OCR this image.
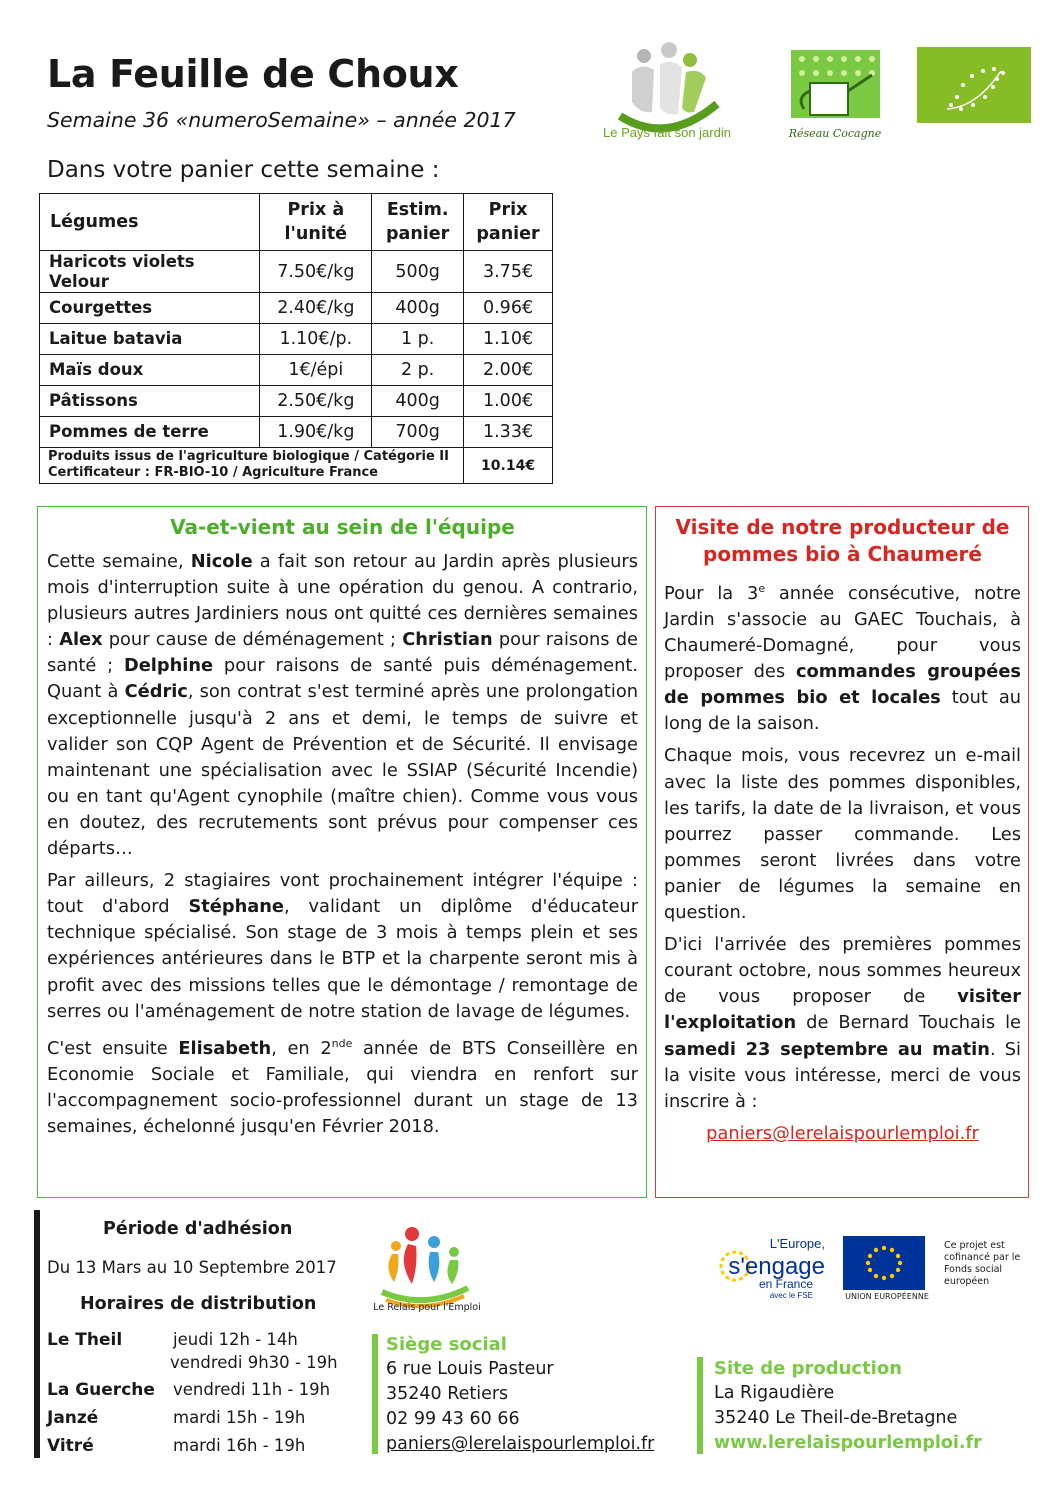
La Feuille de Choux
Semaine 36 «numeroSemaine» – année 2017
Dans votre panier cette semaine :
Le Pays fait son jardin	Réseau Cocagne
Légumes	Prix à l'unité	Estim. panier	Prix panier
Haricots violets Velour	7.50€/kg	500g	3.75€
Courgettes	2.40€/kg	400g	0.96€
Laitue batavia	1.10€/p.	1 p.	1.10€
Maïs doux	1€/épi	2 p.	2.00€
Pâtissons	2.50€/kg	400g	1.00€
Pommes de terre	1.90€/kg	700g	1.33€

Produits issus de l'agriculture biologique / Catégorie II
Certificateur : FR-BIO-10 / Agriculture France			10.14€
Va-et-vient au sein de l'équipe

Cette semaine, Nicole a fait son retour au Jardin après plusieurs mois d'interruption suite à une opération du genou. A contrario, plusieurs autres Jardiniers nous ont quitté ces dernières semaines : Alex pour cause de déménagement ; Christian pour raisons de santé ; Delphine pour raisons de santé puis déménagement. Quant à Cédric, son contrat s'est terminé après une prolongation exceptionnelle jusqu'à 2 ans et demi, le temps de suivre et valider son CQP Agent de Prévention et de Sécurité. Il envisage maintenant une spécialisation avec le SSIAP (Sécurité Incendie) ou en tant qu'Agent cynophile (maître chien). Comme vous vous en doutez, des recrutements sont prévus pour compenser ces départs…

Par ailleurs, 2 stagiaires vont prochainement intégrer l'équipe : tout d'abord Stéphane, validant un diplôme d'éducateur technique spécialisé. Son stage de 3 mois à temps plein et ses expériences antérieures dans le BTP et la charpente seront mis à profit avec des missions telles que le démontage / remontage de serres ou l'aménagement de notre station de lavage de légumes.

C'est ensuite Elisabeth, en 2nde année de BTS Conseillère en Economie Sociale et Familiale, qui viendra en renfort sur l'accompagnement socio-professionnel durant un stage de 13 semaines, échelonné jusqu'en Février 2018.

Visite de notre producteur de pommes bio à Chaumeré

Pour la 3e année consécutive, notre Jardin s'associe au GAEC Touchais, à Chaumeré-Domagné, pour vous proposer des commandes groupées de pommes bio et locales tout au long de la saison.

Chaque mois, vous recevrez un e-mail avec la liste des pommes disponibles, les tarifs, la date de la livraison, et vous pourrez passer commande. Les pommes seront livrées dans votre panier de légumes la semaine en question.

D'ici l'arrivée des premières pommes courant octobre, nous sommes heureux de vous proposer de visiter l'exploitation de Bernard Touchais le samedi 23 septembre au matin. Si la visite vous intéresse, merci de vous inscrire à :

paniers@lerelaispourlemploi.fr
Période d'adhésion
Du 13 Mars au 10 Septembre 2017
Horaires de distribution
Le Theil	jeudi 12h - 14h
vendredi 9h30 - 19h
La Guerche vendredi 11h - 19h
Janzé	mardi 15h - 19h
Vitré	mardi 16h - 19h
Le Relais pour l'Emploi
Siège social
6 rue Louis Pasteur
35240 Retiers
02 99 43 60 66
paniers@lerelaispourlemploi.fr
L'Europe,
s'engage
en France
avec le FSE	UNION EUROPÉENNE
Ce projet est cofinancé par le Fonds social européen
Site de production
La Rigaudière
35240 Le Theil-de-Bretagne
www.lerelaispourlemploi.fr
